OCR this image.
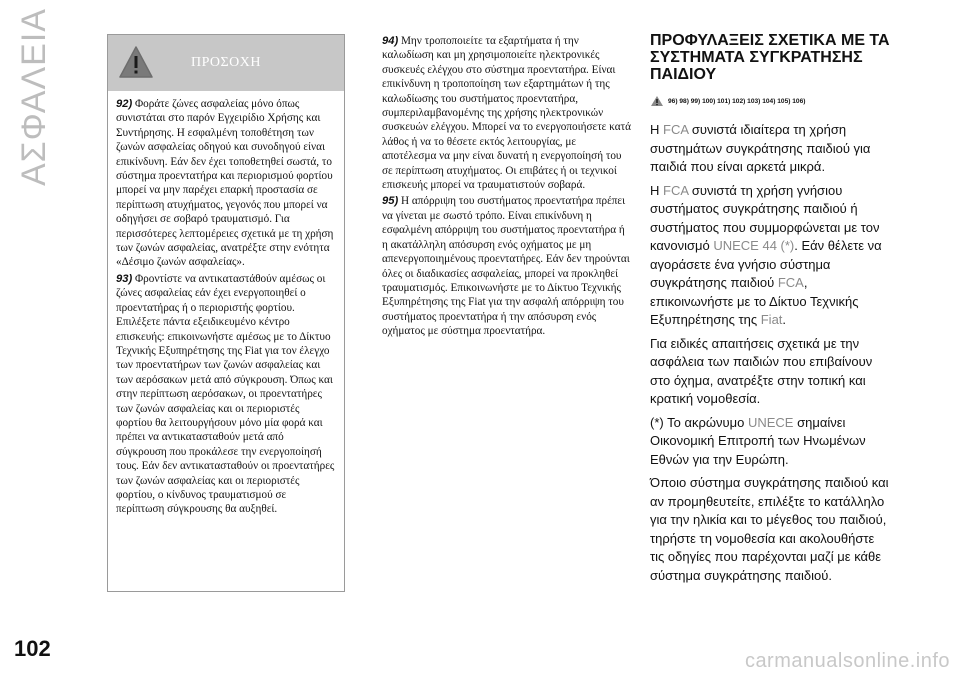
ΑΣΦΑΛΕΙΑ	ΠΡΟΣΟΧΗ

92) Φοράτε ζώνες ασφαλείας μόνο όπως συνιστάται στο παρόν Εγχειρίδιο Χρήσης και Συντήρησης. Η εσφαλμένη τοποθέτηση των ζωνών ασφαλείας οδηγού και συνοδηγού είναι επικίνδυνη. Εάν δεν έχει τοποθετηθεί σωστά, το σύστημα προεντατήρα και περιορισμού φορτίου μπορεί να μην παρέχει επαρκή προστασία σε περίπτωση ατυχήματος, γεγονός που μπορεί να οδηγήσει σε σοβαρό τραυματισμό. Για περισσότερες λεπτομέρειες σχετικά με τη χρήση των ζωνών ασφαλείας, ανατρέξτε στην ενότητα «Δέσιμο ζωνών ασφαλείας».

93) Φροντίστε να αντικαταστάθούν αμέσως οι ζώνες ασφαλείας εάν έχει ενεργοποιηθεί ο προεντατήρας ή ο περιοριστής φορτίου. Επιλέξετε πάντα εξειδικευμένο κέντρο επισκευής: επικοινωνήστε αμέσως με το Δίκτυο Τεχνικής Εξυπηρέτησης της Fiat για τον έλεγχο των προεντατήρων των ζωνών ασφαλείας και των αερόσακων μετά από σύγκρουση. Όπως και στην περίπτωση αερόσακων, οι προεντατήρες των ζωνών ασφαλείας και οι περιοριστές φορτίου θα λειτουργήσουν μόνο μία φορά και πρέπει να αντικατασταθούν μετά από σύγκρουση που προκάλεσε την ενεργοποίησή τους. Εάν δεν αντικατασταθούν οι προεντατήρες των ζωνών ασφαλείας και οι περιοριστές φορτίου, ο κίνδυνος τραυματισμού σε περίπτωση σύγκρουσης θα αυξηθεί.

94) Μην τροποποιείτε τα εξαρτήματα ή την καλωδίωση και μη χρησιμοποιείτε ηλεκτρονικές συσκευές ελέγχου στο σύστημα προεντατήρα. Είναι επικίνδυνη η τροποποίηση των εξαρτημάτων ή της καλωδίωσης του συστήματος προεντατήρα, συμπεριλαμβανομένης της χρήσης ηλεκτρονικών συσκευών ελέγχου. Μπορεί να το ενεργοποιήσετε κατά λάθος ή να το θέσετε εκτός λειτουργίας, με αποτέλεσμα να μην είναι δυνατή η ενεργοποίησή του σε περίπτωση ατυχήματος. Οι επιβάτες ή οι τεχνικοί επισκευής μπορεί να τραυματιστούν σοβαρά.

95) Η απόρριψη του συστήματος προεντατήρα πρέπει να γίνεται με σωστό τρόπο. Είναι επικίνδυνη η εσφαλμένη απόρριψη του συστήματος προεντατήρα ή η ακατάλληλη απόσυρση ενός οχήματος με μη απενεργοποιημένους προεντατήρες. Εάν δεν τηρούνται όλες οι διαδικασίες ασφαλείας, μπορεί να προκληθεί τραυματισμός. Επικοινωνήστε με το Δίκτυο Τεχνικής Εξυπηρέτησης της Fiat για την ασφαλή απόρριψη του συστήματος προεντατήρα ή την απόσυρση ενός οχήματος με σύστημα προεντατήρα.

ΠΡΟΦΥΛΑΞΕΙΣ ΣΧΕΤΙΚΑ ΜΕ ΤΑ ΣΥΣΤΗΜΑΤΑ ΣΥΓΚΡΑΤΗΣΗΣ ΠΑΙΔΙΟΥ
96) 98) 99) 100) 101) 102) 103) 104) 105) 106)

Η FCA συνιστά ιδιαίτερα τη χρήση συστημάτων συγκράτησης παιδιού για παιδιά που είναι αρκετά μικρά.

Η FCA συνιστά τη χρήση γνήσιου συστήματος συγκράτησης παιδιού ή συστήματος που συμμορφώνεται με τον κανονισμό UNECE 44 (*). Εάν θέλετε να αγοράσετε ένα γνήσιο σύστημα συγκράτησης παιδιού FCA, επικοινωνήστε με το Δίκτυο Τεχνικής Εξυπηρέτησης της Fiat.

Για ειδικές απαιτήσεις σχετικά με την ασφάλεια των παιδιών που επιβαίνουν στο όχημα, ανατρέξτε στην τοπική και κρατική νομοθεσία.

(*) Το ακρώνυμο UNECE σημαίνει Οικονομική Επιτροπή των Ηνωμένων Εθνών για την Ευρώπη.

Όποιο σύστημα συγκράτησης παιδιού και αν προμηθευτείτε, επιλέξτε το κατάλληλο για την ηλικία και το μέγεθος του παιδιού, τηρήστε τη νομοθεσία και ακολουθήστε τις οδηγίες που παρέχονται μαζί με κάθε σύστημα συγκράτησης παιδιού.

102	carmanualsonline.info
